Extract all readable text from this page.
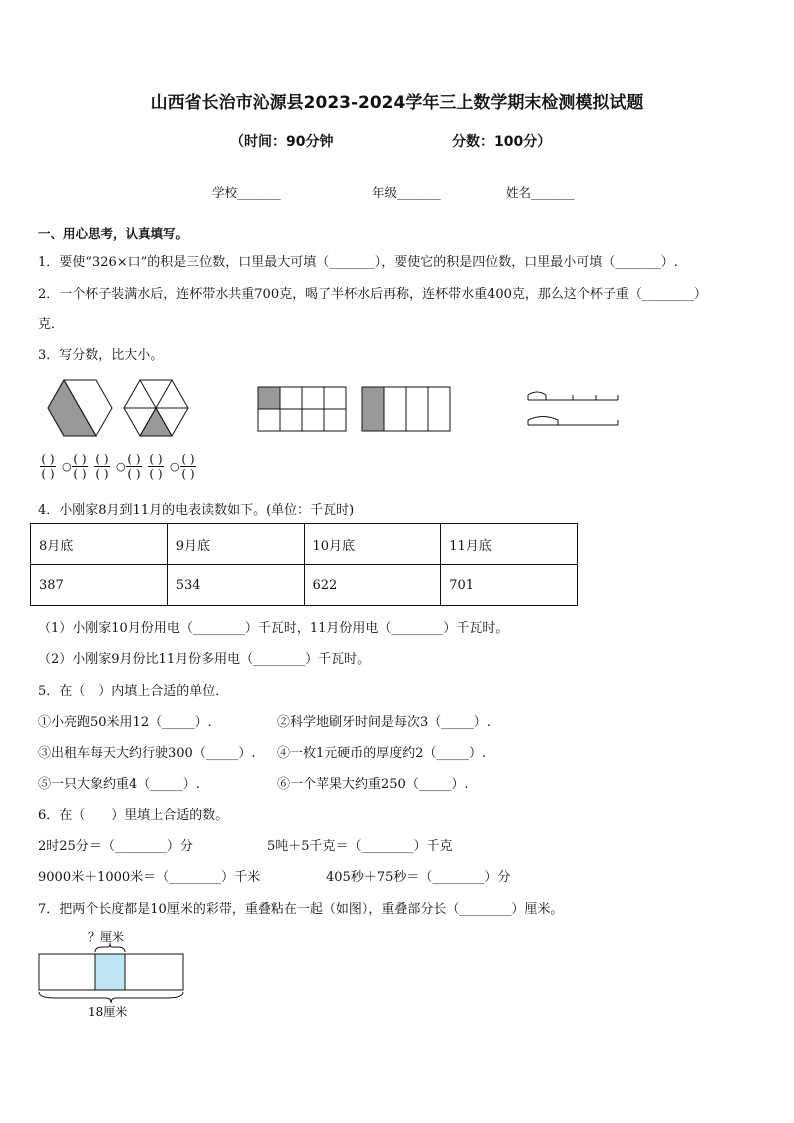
山西省长治市沁源县2023-2024学年三上数学期末检测模拟试题
（时间：90分钟	分数：100分）
学校_______	年级_______	姓名_______
一、用心思考，认真填写。
1．要使“326×口”的积是三位数，口里最大可填（_______），要使它的积是四位数，口里最小可填（_______）.
2．一个杯子装满水后，连杯带水共重700克，喝了半杯水后再称，连杯带水重400克，那么这个杯子重（________）
克．
3．写分数，比大小。
$\frac{( )}{( )}$ $○\frac{( )}{( )} \frac{( )}{( )}$ $○\frac{( )}{( )} \frac{( )}{( )}$ $○\frac{( )}{( )}$
4．小刚家8月到11月的电表读数如下。(单位：千瓦时)
8月底	9月底	10月底	11月底
387	534	622	701
（1）小刚家10月份用电（________）千瓦时，11月份用电（________）千瓦时。
（2）小刚家9月份比11月份多用电（________）千瓦时。
5．在（　）内填上合适的单位．
①小亮跑50米用12（_____）.	②科学地刷牙时间是每次3（_____）.
③出租车每天大约行驶300（_____）. ④一枚1元硬币的厚度约2（_____）.
⑤一只大象约重4（_____）.	⑥一个苹果大约重250（_____）.
6．在（　　）里填上合适的数。
2时25分＝（________）分	5吨＋5千克＝（________）千克
9000米＋1000米＝（________）千米	405秒＋75秒＝（________）分
7．把两个长度都是10厘米的彩带，重叠粘在一起（如图），重叠部分长（________）厘米。
？厘米
18厘米
